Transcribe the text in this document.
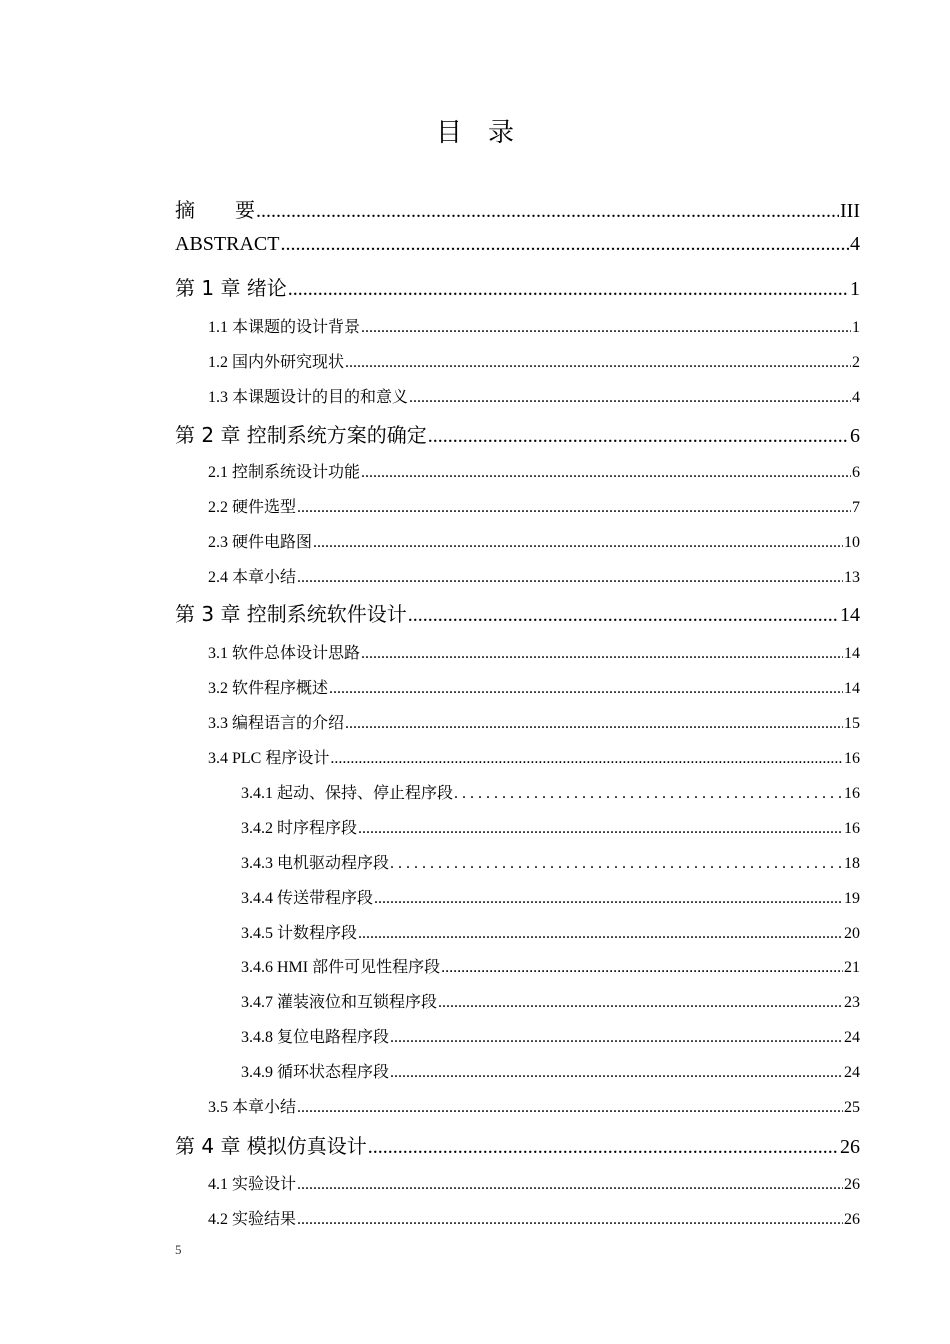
目　录
摘　　要 .....	III
ABSTRACT .....	4
第 1 章 绪论 .....	1
1.1 本课题的设计背景 .....	1
1.2 国内外研究现状 .....	2
1.3 本课题设计的目的和意义 .....	4
第 2 章 控制系统方案的确定 .....	6
2.1 控制系统设计功能 .....	6
2.2 硬件选型 .....	7
2.3 硬件电路图 .....	10
2.4 本章小结 .....	13
第 3 章 控制系统软件设计 .....	14
3.1 软件总体设计思路 .....	14
3.2 软件程序概述 .....	14
3.3 编程语言的介绍 .....	15
3.4 PLC 程序设计 .....	16
3.4.1 起动、保持、停止程序段 . . .	16
3.4.2 时序程序段 .....	16
3.4.3 电机驱动程序段 . . .	18
3.4.4 传送带程序段 .....	19
3.4.5 计数程序段 .....	20
3.4.6 HMI 部件可见性程序段 .....	21
3.4.7 灌装液位和互锁程序段 .....	23
3.4.8 复位电路程序段 .....	24
3.4.9 循环状态程序段 .....	24
3.5 本章小结 .....	25
第 4 章 模拟仿真设计 .....	26
4.1 实验设计 .....	26
4.2 实验结果 .....	26
5
